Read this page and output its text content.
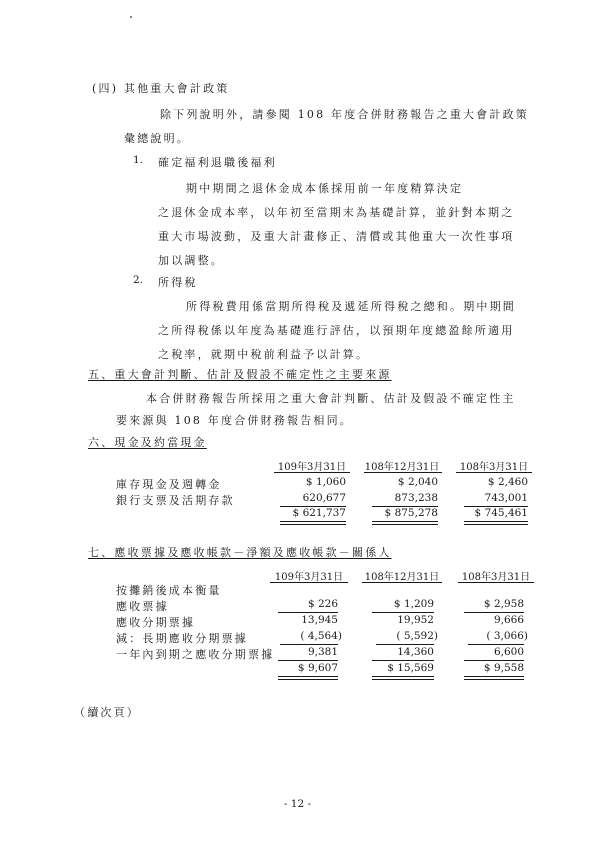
(四) 其他重大會計政策
除下列說明外，請參閱 108 年度合併財務報告之重大會計政策
彙總說明。
1. 確定福利退職後福利
期中期間之退休金成本係採用前一年度精算決定
之退休金成本率，以年初至當期末為基礎計算，並針對本期之
重大市場波動，及重大計畫修正、清償或其他重大一次性事項
加以調整。
2. 所得稅
所得稅費用係當期所得稅及遞延所得稅之總和。期中期間
之所得稅係以年度為基礎進行評估，以預期年度總盈餘所適用
之稅率，就期中稅前利益予以計算。
五、重大會計判斷、估計及假設不確定性之主要來源
本合併財務報告所採用之重大會計判斷、估計及假設不確定性主
要來源與 108 年度合併財務報告相同。
六、現金及約當現金
109年3月31日	108年12月31日	108年3月31日
庫存現金及週轉金	$ 1,060	$ 2,040	$ 2,460
銀行支票及活期存款	620,677	873,238	743,001
$ 621,737	$ 875,278	$ 745,461
七、應收票據及應收帳款－淨額及應收帳款－關係人
109年3月31日	108年12月31日	108年3月31日
按攤銷後成本衡量
應收票據	$ 226	$ 1,209	$ 2,958
應收分期票據	13,945	19,952	9,666
減：長期應收分期票據	( 4,564)	( 5,592)	( 3,066)
一年內到期之應收分期票據	9,381	14,360	6,600
$ 9,607	$ 15,569	$ 9,558
（續次頁）
- 12 -
